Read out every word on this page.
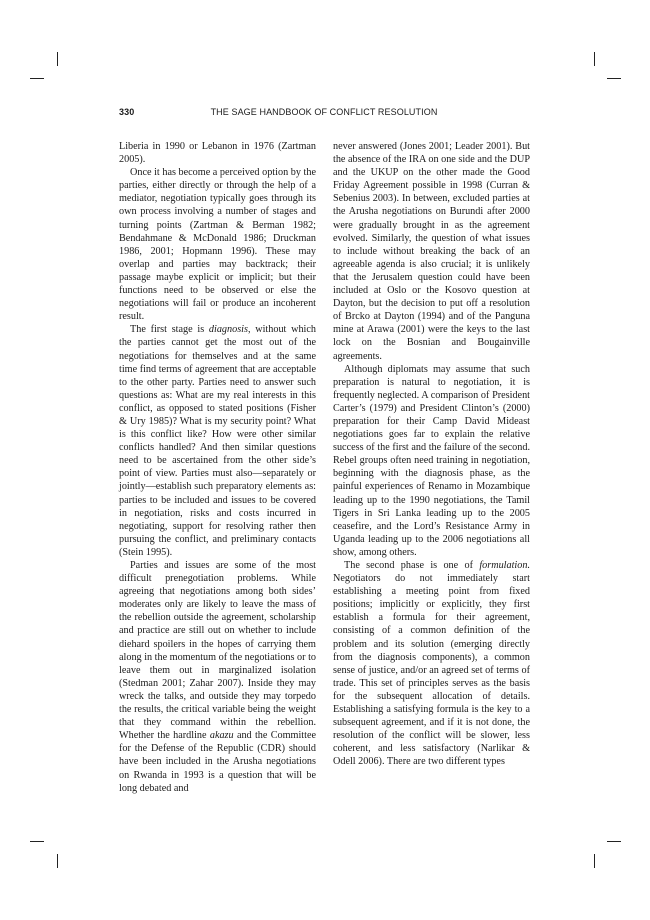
330	THE SAGE HANDBOOK OF CONFLICT RESOLUTION

Liberia in 1990 or Lebanon in 1976 (Zartman 2005).

Once it has become a perceived option by the parties, either directly or through the help of a mediator, negotiation typically goes through its own process involving a number of stages and turning points (Zartman & Berman 1982; Bendahmane & McDonald 1986; Druckman 1986, 2001; Hopmann 1996). These may overlap and parties may backtrack; their passage maybe explicit or implicit; but their functions need to be observed or else the negotiations will fail or produce an incoherent result.

The first stage is diagnosis, without which the parties cannot get the most out of the negotiations for themselves and at the same time find terms of agreement that are acceptable to the other party. Parties need to answer such questions as: What are my real interests in this conflict, as opposed to stated positions (Fisher & Ury 1985)? What is my security point? What is this conflict like? How were other similar conflicts handled? And then similar questions need to be ascertained from the other side’s point of view. Parties must also—separately or jointly—establish such preparatory elements as: parties to be included and issues to be covered in negotiation, risks and costs incurred in negotiating, support for resolving rather then pursuing the conflict, and preliminary contacts (Stein 1995).

Parties and issues are some of the most difficult prenegotiation problems. While agreeing that negotiations among both sides’ moderates only are likely to leave the mass of the rebellion outside the agreement, scholarship and practice are still out on whether to include diehard spoilers in the hopes of carrying them along in the momentum of the negotiations or to leave them out in marginalized isolation (Stedman 2001; Zahar 2007). Inside they may wreck the talks, and outside they may torpedo the results, the critical variable being the weight that they command within the rebellion. Whether the hardline akazu and the Committee for the Defense of the Republic (CDR) should have been included in the Arusha negotiations on Rwanda in 1993 is a question that will be long debated and

never answered (Jones 2001; Leader 2001). But the absence of the IRA on one side and the DUP and the UKUP on the other made the Good Friday Agreement possible in 1998 (Curran & Sebenius 2003). In between, excluded parties at the Arusha negotiations on Burundi after 2000 were gradually brought in as the agreement evolved. Similarly, the question of what issues to include without breaking the back of an agreeable agenda is also crucial; it is unlikely that the Jerusalem question could have been included at Oslo or the Kosovo question at Dayton, but the decision to put off a resolution of Brcko at Dayton (1994) and of the Panguna mine at Arawa (2001) were the keys to the last lock on the Bosnian and Bougainville agreements.

Although diplomats may assume that such preparation is natural to negotiation, it is frequently neglected. A comparison of President Carter’s (1979) and President Clinton’s (2000) preparation for their Camp David Mideast negotiations goes far to explain the relative success of the first and the failure of the second. Rebel groups often need training in negotiation, beginning with the diagnosis phase, as the painful experiences of Renamo in Mozambique leading up to the 1990 negotiations, the Tamil Tigers in Sri Lanka leading up to the 2005 ceasefire, and the Lord’s Resistance Army in Uganda leading up to the 2006 negotiations all show, among others.

The second phase is one of formulation. Negotiators do not immediately start establishing a meeting point from fixed positions; implicitly or explicitly, they first establish a formula for their agreement, consisting of a common definition of the problem and its solution (emerging directly from the diagnosis components), a common sense of justice, and/or an agreed set of terms of trade. This set of principles serves as the basis for the subsequent allocation of details. Establishing a satisfying formula is the key to a subsequent agreement, and if it is not done, the resolution of the conflict will be slower, less coherent, and less satisfactory (Narlikar & Odell 2006). There are two different types
